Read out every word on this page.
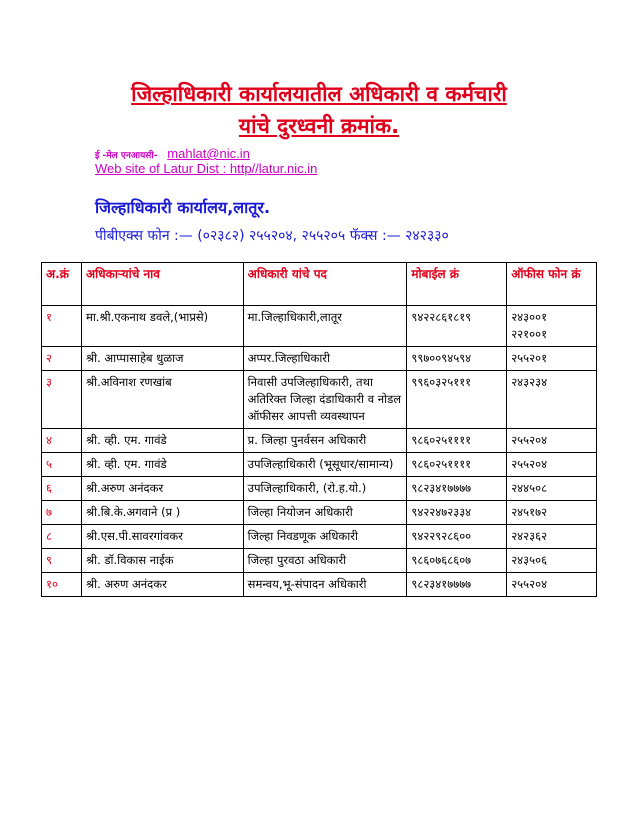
जिल्हाधिकारी कार्यालयातील अधिकारी व कर्मचारी
यांचे दुरध्वनी क्रमांक.
ई -मेल एनआयसी- mahlat@nic.in
Web site of Latur Dist : http//latur.nic.in
जिल्हाधिकारी कार्यालय,लातूर.
पीबीएक्स फोन :— (०२३८२) २५५२०४, २५५२०५ फॅक्स :— २४२३३०
अ.क्रं	अधिकाऱ्यांचे नाव	अधिकारी यांचे पद	मोबाईल क्रं	ऑफीस फोन क्रं
१	मा.श्री.एकनाथ डवले,(भाप्रसे)	मा.जिल्हाधिकारी,लातूर	९४२२८६१८१९	२४३००१
२२१००१
२	श्री. आप्पासाहेब धुळाज	अप्पर.जिल्हाधिकारी	९९७००९४५९४	२५५२०१
३	श्री.अविनाश रणखांब	निवासी उपजिल्हाधिकारी, तथा अतिरिक्त जिल्हा दंडाधिकारी व नोडल ऑफीसर आपत्ती व्यवस्थापन	९९६०३२५१११	२४३२३४
४	श्री. व्ही. एम. गावंडे	प्र. जिल्हा पुनर्वसन अधिकारी	९८६०२५११११	२५५२०४
५	श्री. व्ही. एम. गावंडे	उपजिल्हाधिकारी (भूसूधार/सामान्य)	९८६०२५११११	२५५२०४
६	श्री.अरुण अनंदकर	उपजिल्हाधिकारी, (रो.ह.यो.)	९८२३४१७७७७	२४४५०८
७	श्री.बि.के.अगवाने (प्र )	जिल्हा नियोजन अधिकारी	९४२२४७२३३४	२४५१७२
८	श्री.एस.पी.सावरगांवकर	जिल्हा निवडणूक अधिकारी	९४२२९२८६००	२४२३६२
९	श्री. डॉ.विकास नाईक	जिल्हा पुरवठा अधिकारी	९८६०७६८६०७	२४३५०६
१०	श्री. अरुण अनंदकर	समन्वय,भू-संपादन अधिकारी	९८२३४१७७७७	२५५२०४
